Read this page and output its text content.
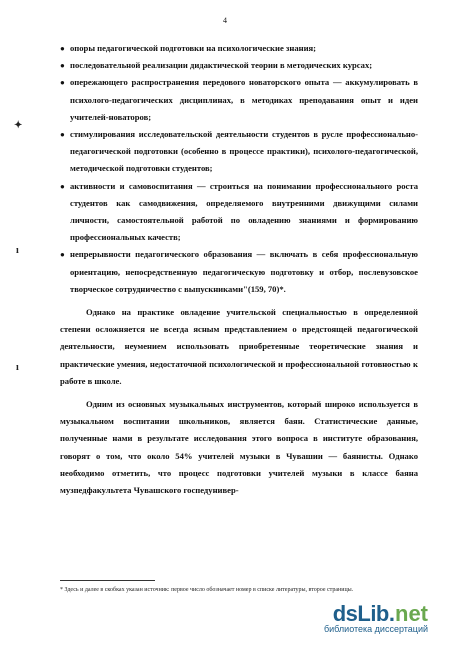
4
✦
ı
ı
● опоры педагогической подготовки на психологические знания;
● последовательной реализации дидактической теории в методических курсах;
● опережающего распространения передового новаторского опыта — аккумулировать в психолого-педагогических дисциплинах, в методиках преподавания опыт и идеи учителей-новаторов;
● стимулирования исследовательской деятельности студентов в русле профессионально-педагогической подготовки (особенно в процессе практики), психолого-педагогической, методической подготовки студентов;
● активности и самовоспитания — строиться на понимании профессионального роста студентов как самодвижения, определяемого внутренними движущими силами личности, самостоятельной работой по овладению знаниями и формированию профессиональных качеств;
● непрерывности педагогического образования — включать в себя профессиональную ориентацию, непосредственную педагогическую подготовку и отбор, послевузовское творческое сотрудничество с выпускниками"(159, 70)*.

Однако на практике овладение учительской специальностью в определенной степени осложняется не всегда ясным представлением о предстоящей педагогической деятельности, неумением использовать приобретенные теоретические знания и практические умения, недостаточной психологической и профессиональной готовностью к работе в школе.

Одним из основных музыкальных инструментов, который широко используется в музыкальном воспитании школьников, является баян. Статистические данные, полученные нами в результате исследования этого вопроса в институте образования, говорят о том, что около 54% учителей музыки в Чувашии — баянисты. Однако необходимо отметить, что процесс подготовки учителей музыки в классе баяна музпедфакультета Чувашского госпедунивер-

* Здесь и далее в скобках указан источник: первое число обозначает номер в списке литературы, второе страницы.
dsLib . net
библиотека диссертаций
